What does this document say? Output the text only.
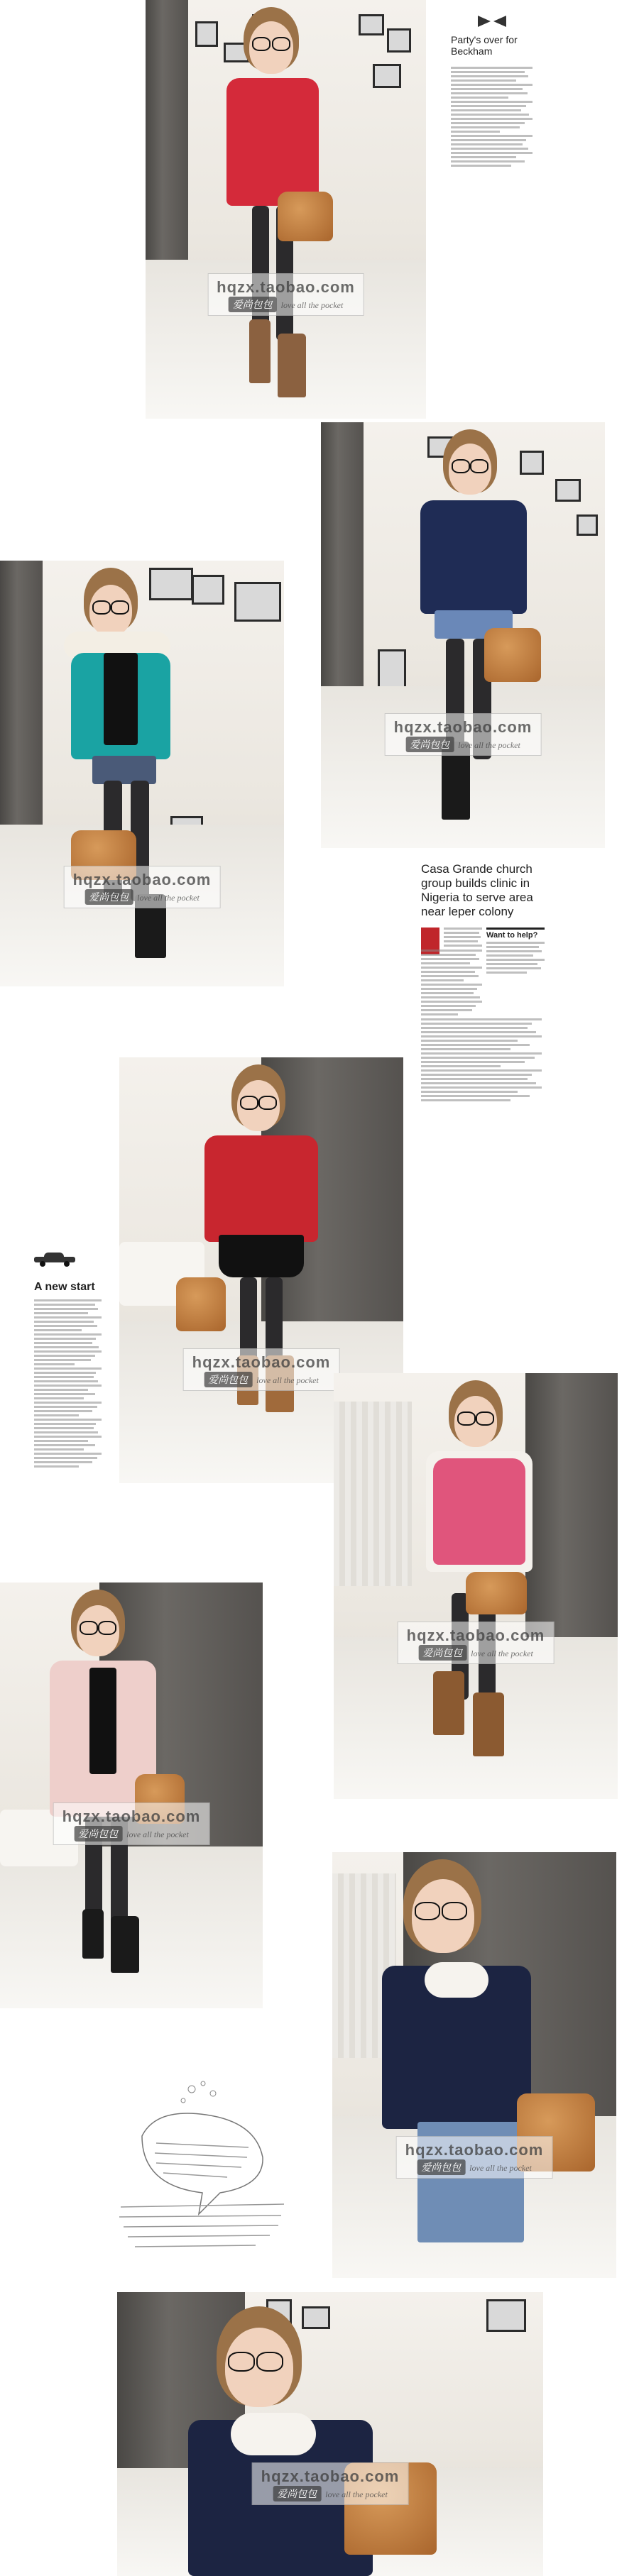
hqzx.taobao.com
爱尚包包 love all the pocket
Party's over for Beckham
hqzx.taobao.com
爱尚包包 love all the pocket
hqzx.taobao.com
爱尚包包 love all the pocket
Casa Grande church group builds clinic in Nigeria to serve area near leper colony
Want to help?
hqzx.taobao.com
爱尚包包 love all the pocket
A new start
hqzx.taobao.com
爱尚包包 love all the pocket
hqzx.taobao.com
爱尚包包 love all the pocket
hqzx.taobao.com
爱尚包包 love all the pocket
hqzx.taobao.com
爱尚包包 love all the pocket
